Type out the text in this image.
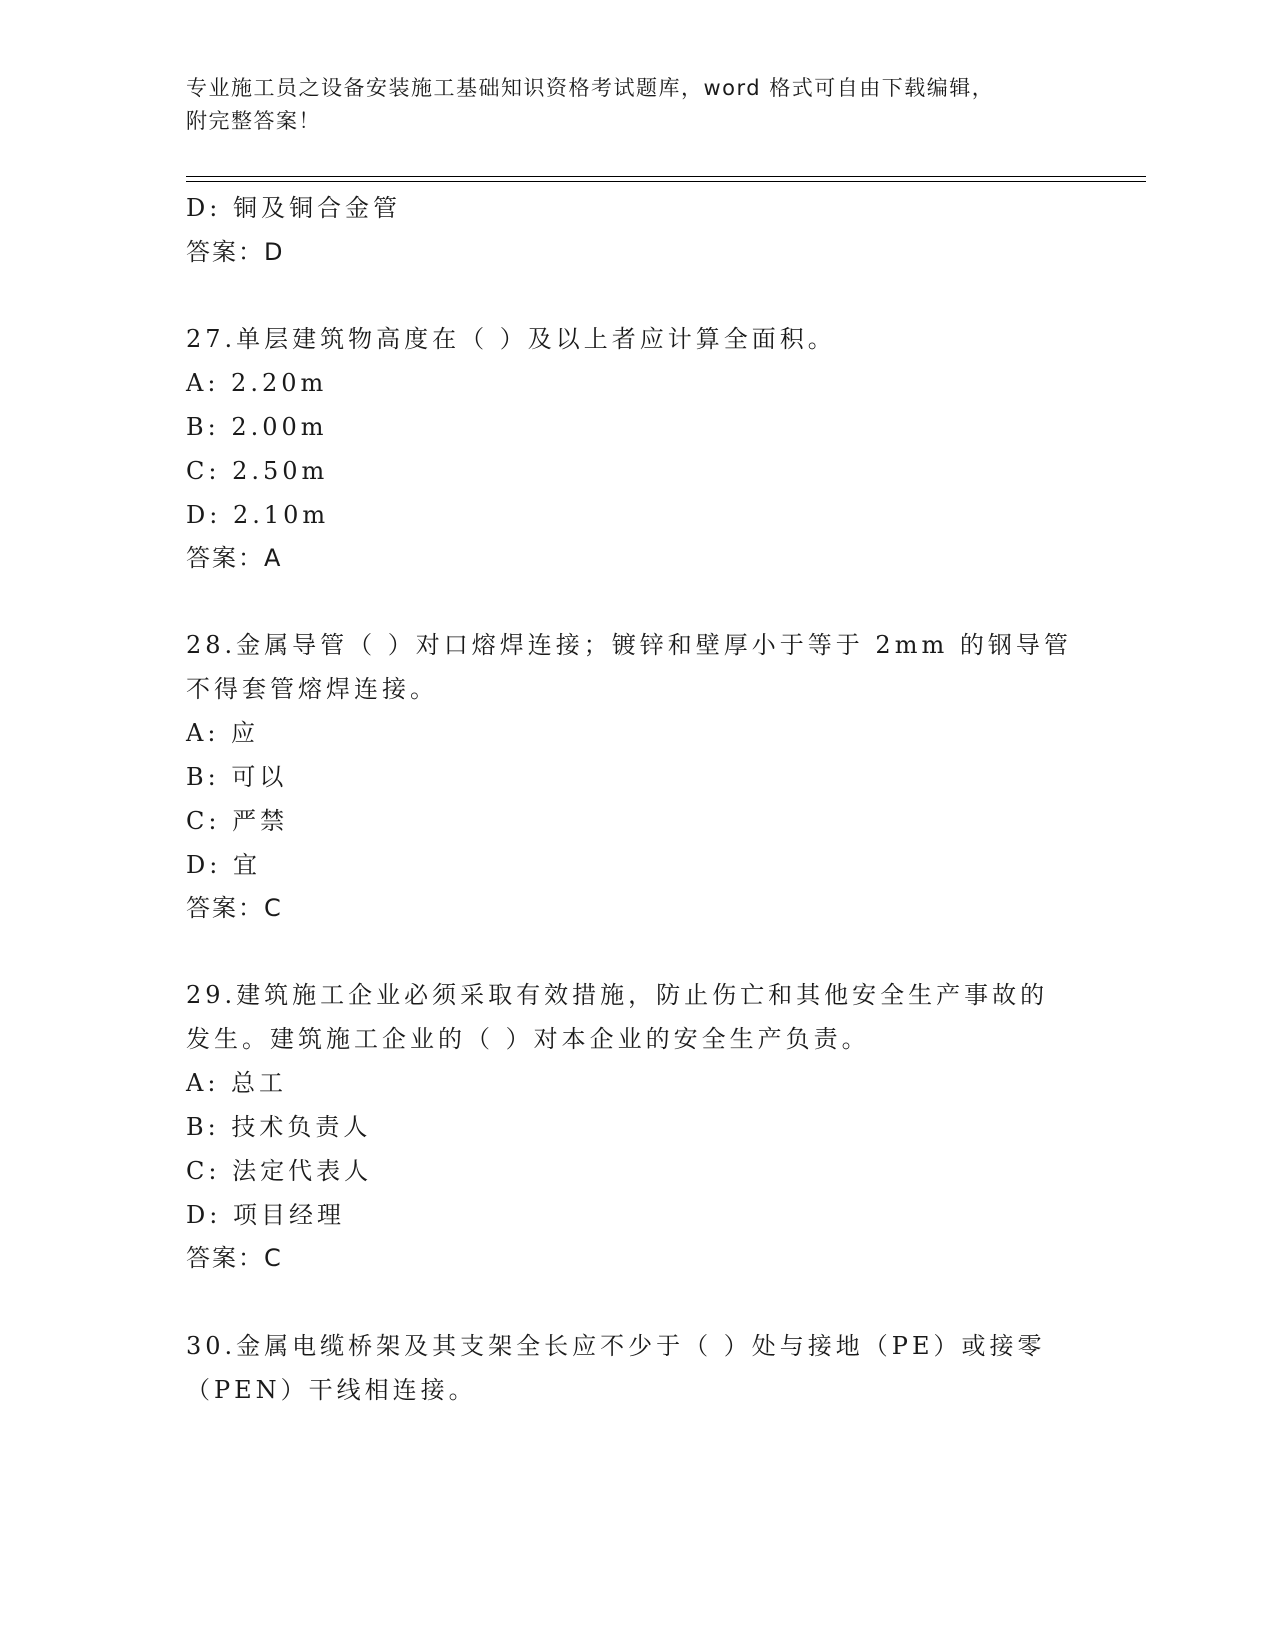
专业施工员之设备安装施工基础知识资格考试题库，word 格式可自由下载编辑，
附完整答案！
D: 铜及铜合金管
答案：D
27.单层建筑物高度在（ ）及以上者应计算全面积。
A: 2.20m
B: 2.00m
C: 2.50m
D: 2.10m
答案：A
28.金属导管（ ）对口熔焊连接；镀锌和壁厚小于等于 2mm 的钢导管
不得套管熔焊连接。
A: 应
B: 可以
C: 严禁
D: 宜
答案：C
29.建筑施工企业必须采取有效措施，防止伤亡和其他安全生产事故的
发生。建筑施工企业的（ ）对本企业的安全生产负责。
A: 总工
B: 技术负责人
C: 法定代表人
D: 项目经理
答案：C
30.金属电缆桥架及其支架全长应不少于（ ）处与接地（PE）或接零
（PEN）干线相连接。
